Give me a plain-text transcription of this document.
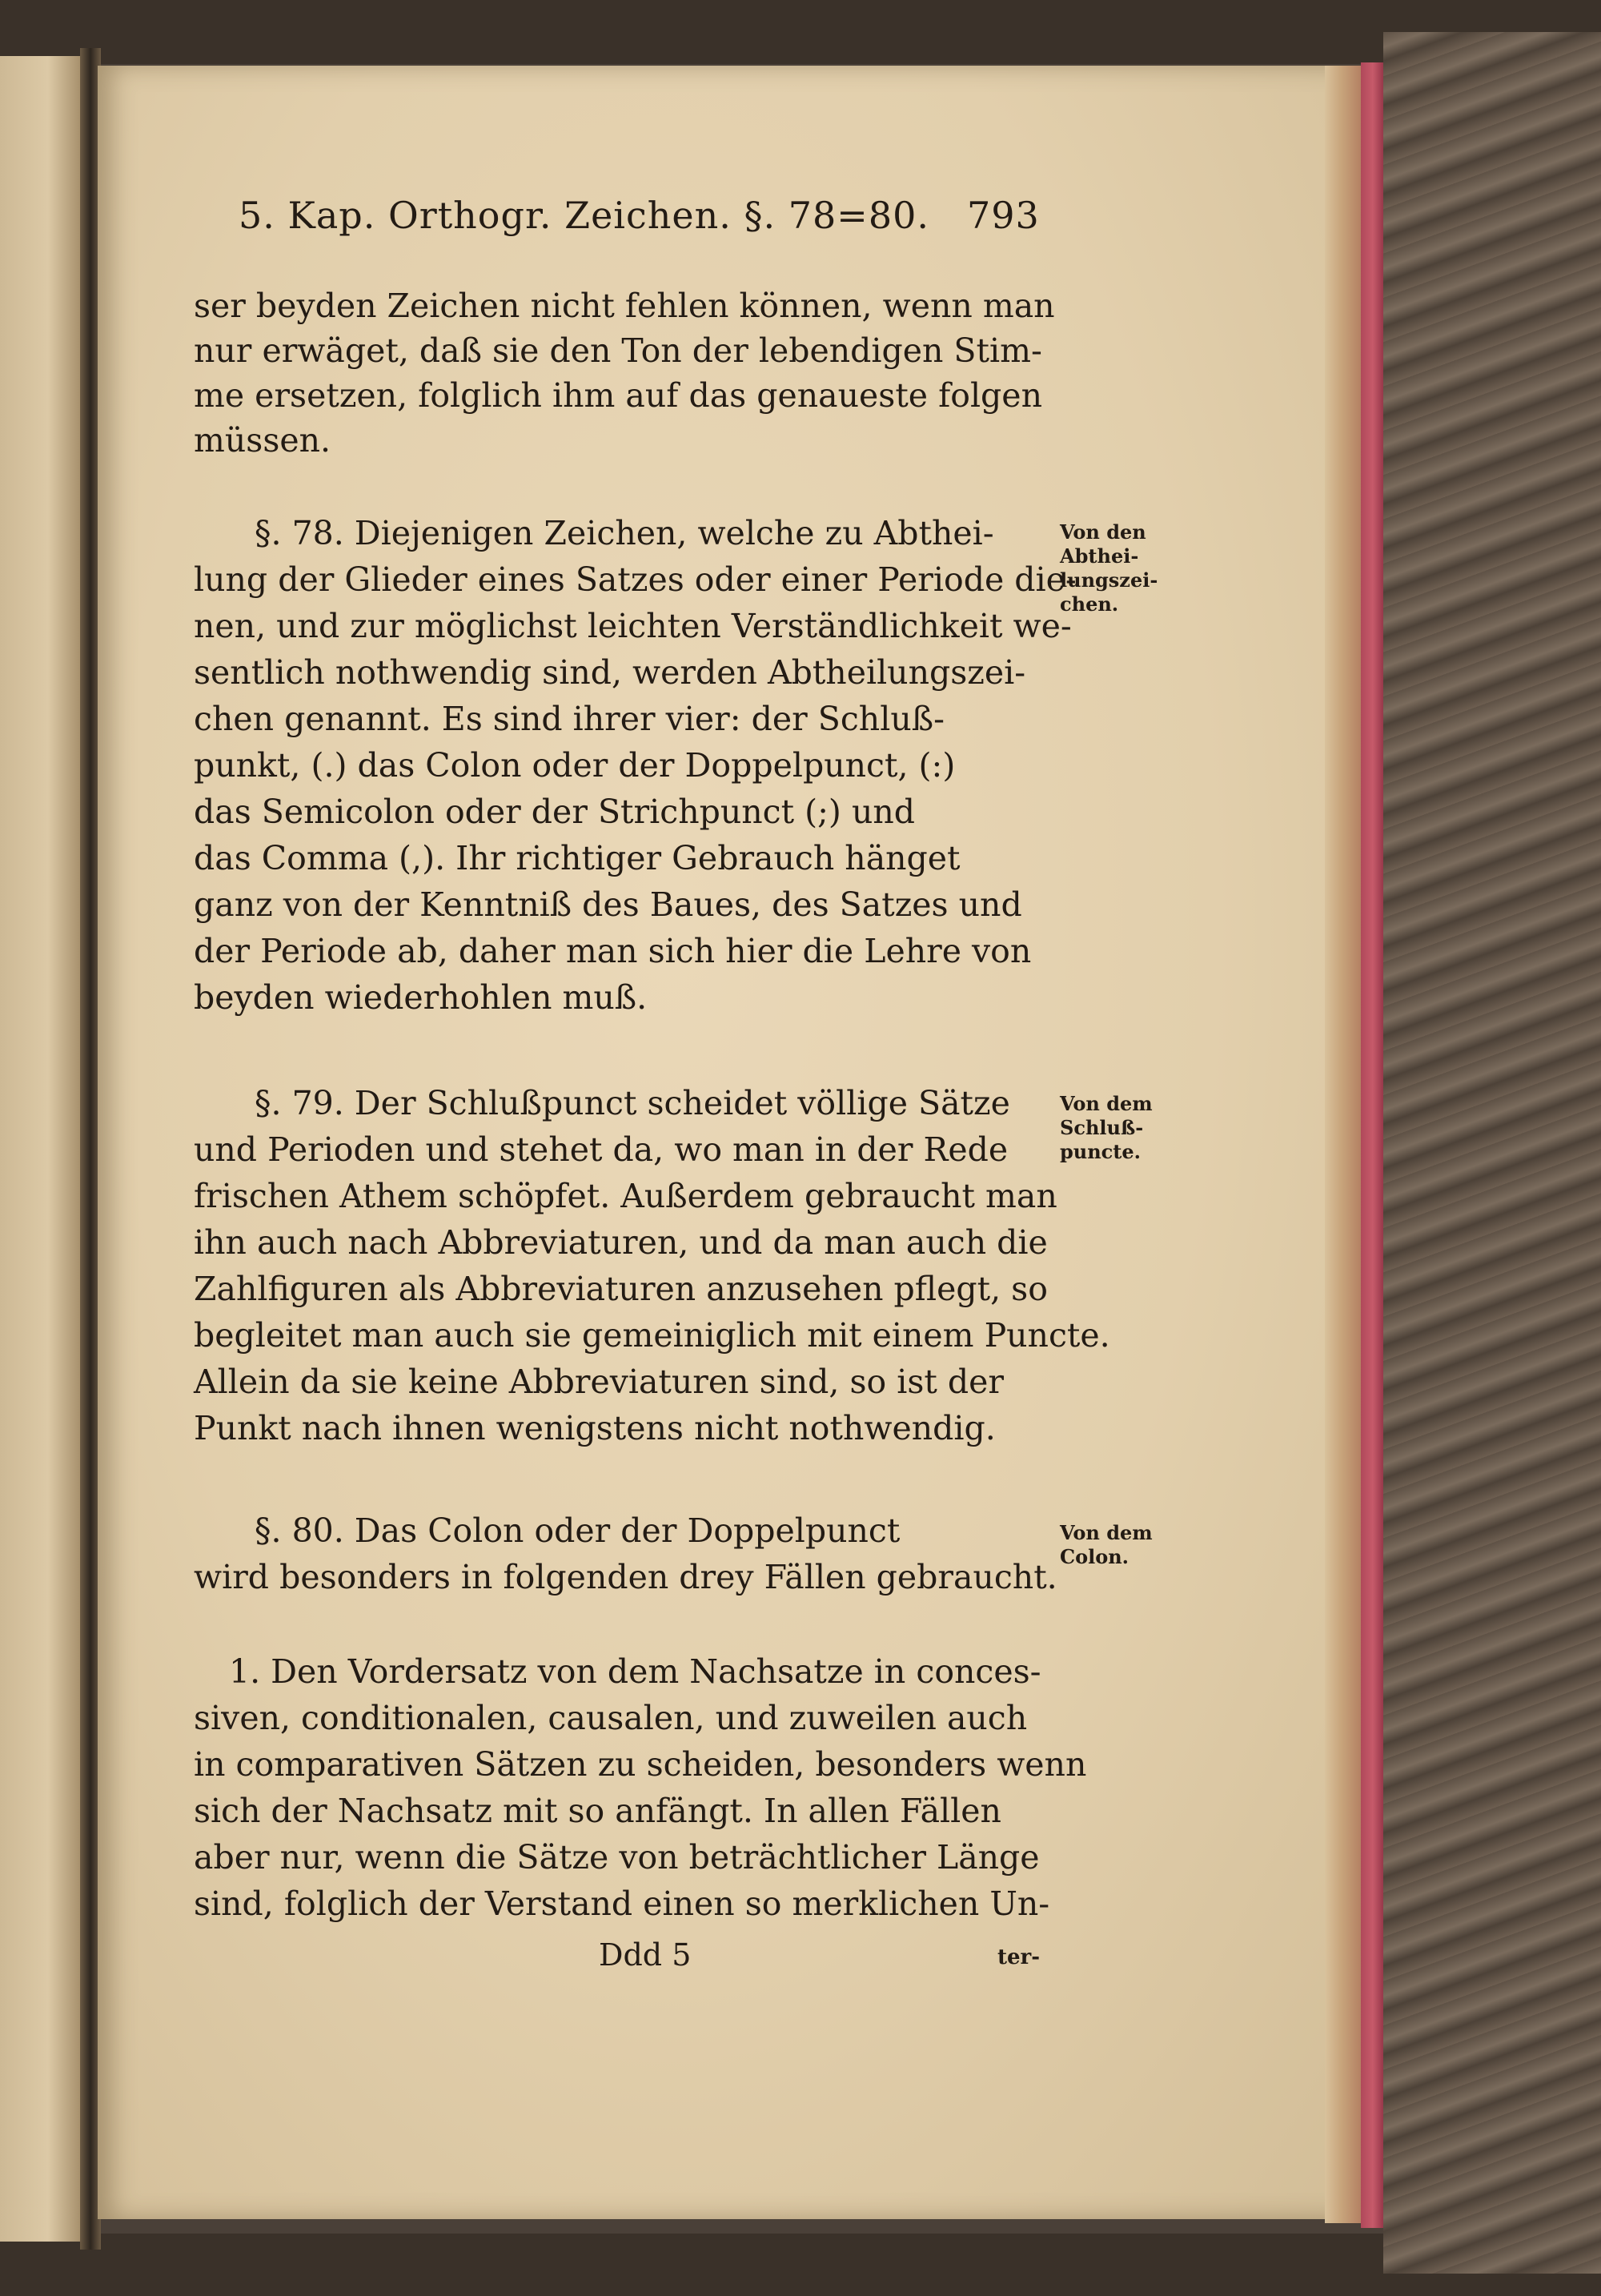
5. Kap. Orthogr. Zeichen. §. 78=80. 793
ser beyden Zeichen nicht fehlen können, wenn man
nur erwäget, daß sie den Ton der lebendigen Stim-
me ersetzen, folglich ihm auf das genaueste folgen
müssen.
§. 78. Diejenigen Zeichen, welche zu Abthei-
lung der Glieder eines Satzes oder einer Periode die-
nen, und zur möglichst leichten Verständlichkeit we-
sentlich nothwendig sind, werden Abtheilungszei-
chen genannt. Es sind ihrer vier: der Schluß-
punkt, (.) das Colon oder der Doppelpunct, (:)
das Semicolon oder der Strichpunct (;) und
das Comma (,). Ihr richtiger Gebrauch hänget
ganz von der Kenntniß des Baues, des Satzes und
der Periode ab, daher man sich hier die Lehre von
beyden wiederhohlen muß.
§. 79. Der Schlußpunct scheidet völlige Sätze
und Perioden und stehet da, wo man in der Rede
frischen Athem schöpfet. Außerdem gebraucht man
ihn auch nach Abbreviaturen, und da man auch die
Zahlfiguren als Abbreviaturen anzusehen pflegt, so
begleitet man auch sie gemeiniglich mit einem Puncte.
Allein da sie keine Abbreviaturen sind, so ist der
Punkt nach ihnen wenigstens nicht nothwendig.
§. 80. Das Colon oder der Doppelpunct
wird besonders in folgenden drey Fällen gebraucht.
1. Den Vordersatz von dem Nachsatze in conces-
siven, conditionalen, causalen, und zuweilen auch
in comparativen Sätzen zu scheiden, besonders wenn
sich der Nachsatz mit so anfängt. In allen Fällen
aber nur, wenn die Sätze von beträchtlicher Länge
sind, folglich der Verstand einen so merklichen Un-
Von den
Abthei-
lungszei-
chen.
Von dem
Schluß-
puncte.
Von dem
Colon.
Ddd 5	ter-
